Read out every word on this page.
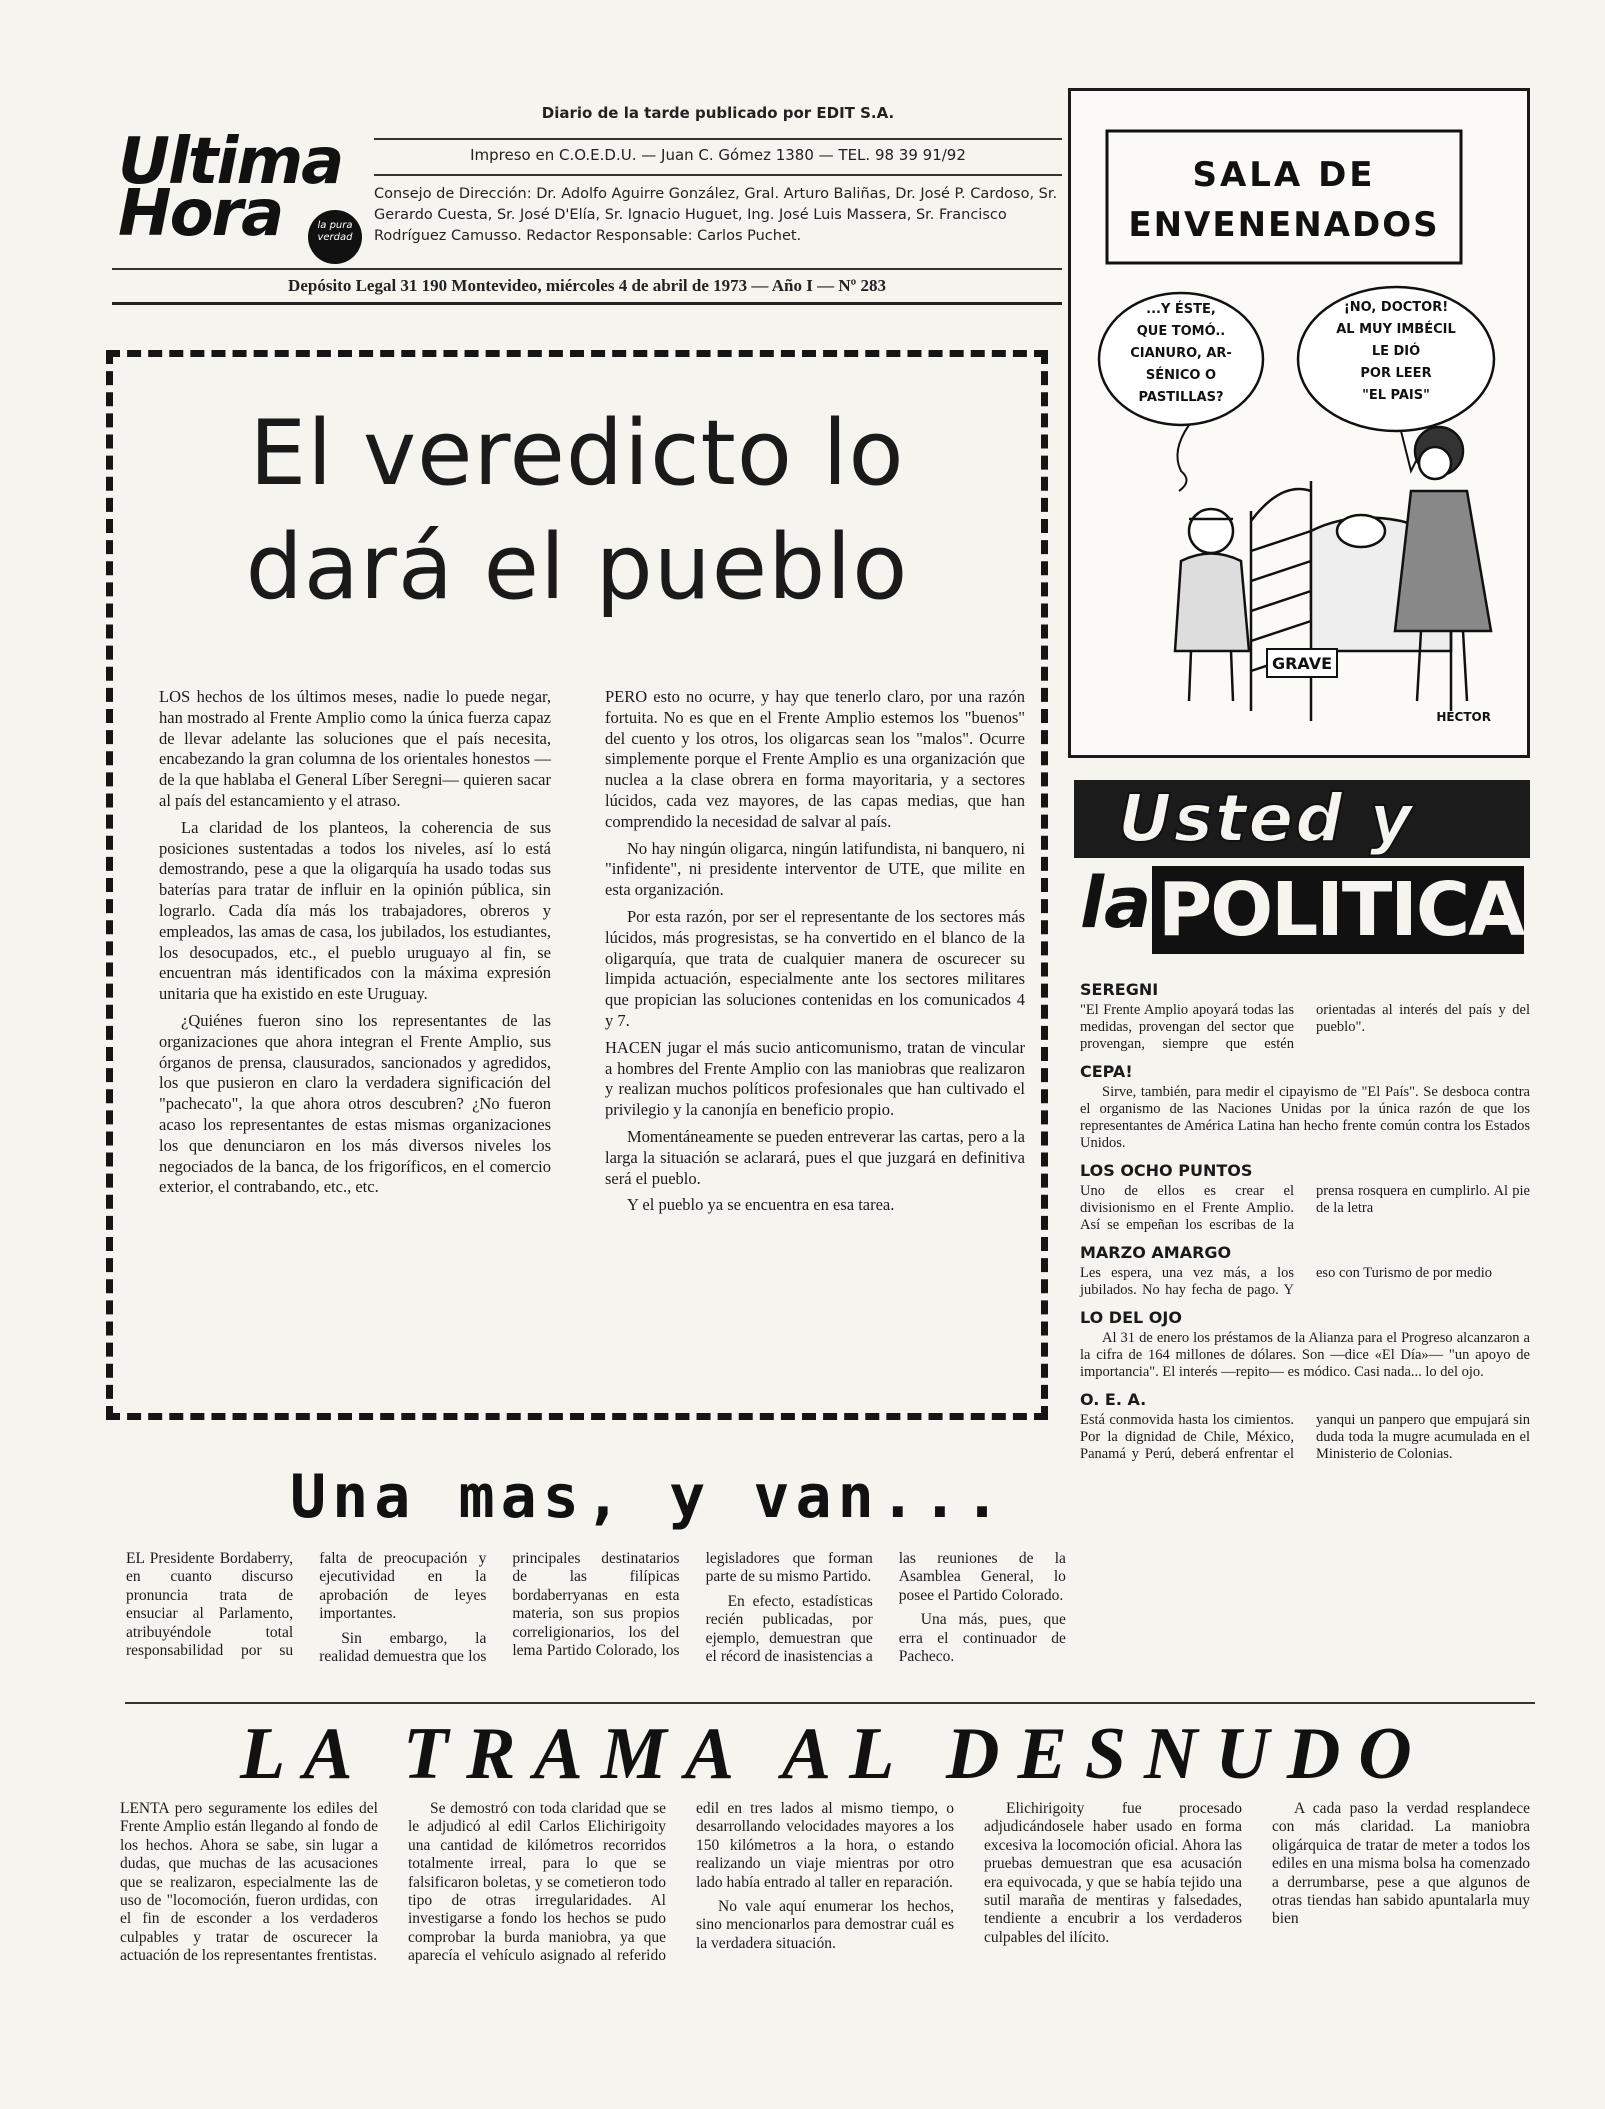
Ultima
Hora	la pura verdad
Diario de la tarde publicado por EDIT S.A.
Impreso en C.O.E.D.U. — Juan C. Gómez 1380 — TEL. 98 39 91/92
Consejo de Dirección: Dr. Adolfo Aguirre González, Gral. Arturo Baliñas, Dr. José P. Cardoso, Sr. Gerardo Cuesta, Sr. José D'Elía, Sr. Ignacio Huguet, Ing. José Luis Massera, Sr. Francisco Rodríguez Camusso. Redactor Responsable: Carlos Puchet.
Depósito Legal 31 190 Montevideo, miércoles 4 de abril de 1973 — Año I — Nº 283
El veredicto lo
dará el pueblo

LOS hechos de los últimos meses, nadie lo puede negar, han mostrado al Frente Amplio como la única fuerza capaz de llevar adelante las soluciones que el país necesita, encabezando la gran columna de los orientales honestos —de la que hablaba el General Líber Seregni— quieren sacar al país del estancamiento y el atraso.

La claridad de los planteos, la coherencia de sus posiciones sustentadas a todos los niveles, así lo está demostrando, pese a que la oligarquía ha usado todas sus baterías para tratar de influir en la opinión pública, sin lograrlo. Cada día más los trabajadores, obreros y empleados, las amas de casa, los jubilados, los estudiantes, los desocupados, etc., el pueblo uruguayo al fin, se encuentran más identificados con la máxima expresión unitaria que ha existido en este Uruguay.

¿Quiénes fueron sino los representantes de las organizaciones que ahora integran el Frente Amplio, sus órganos de prensa, clausurados, sancionados y agredidos, los que pusieron en claro la verdadera significación del "pachecato", la que ahora otros descubren? ¿No fueron acaso los representantes de estas mismas organizaciones los que denunciaron en los más diversos niveles los negociados de la banca, de los frigoríficos, en el comercio exterior, el contrabando, etc., etc.

PERO esto no ocurre, y hay que tenerlo claro, por una razón fortuita. No es que en el Frente Amplio estemos los "buenos" del cuento y los otros, los oligarcas sean los "malos". Ocurre simplemente porque el Frente Amplio es una organización que nuclea a la clase obrera en forma mayoritaria, y a sectores lúcidos, cada vez mayores, de las capas medias, que han comprendido la necesidad de salvar al país.

No hay ningún oligarca, ningún latifundista, ni banquero, ni "infidente", ni presidente interventor de UTE, que milite en esta organización.

Por esta razón, por ser el representante de los sectores más lúcidos, más progresistas, se ha convertido en el blanco de la oligarquía, que trata de cualquier manera de oscurecer su limpida actuación, especialmente ante los sectores militares que propician las soluciones contenidas en los comunicados 4 y 7.

HACEN jugar el más sucio anticomunismo, tratan de vincular a hombres del Frente Amplio con las maniobras que realizaron y realizan muchos políticos profesionales que han cultivado el privilegio y la canonjía en beneficio propio.

Momentáneamente se pueden entreverar las cartas, pero a la larga la situación se aclarará, pues el que juzgará en definitiva será el pueblo.

Y el pueblo ya se encuentra en esa tarea.

SALA DE
ENVENENADOS
...Y ÉSTE,
QUE TOMÓ..
CIANURO, AR-
SÉNICO O
PASTILLAS?
¡NO, DOCTOR!
AL MUY IMBÉCIL
LE DIÓ
POR LEER
"EL PAIS"
GRAVE
HECTOR
Usted y
la POLITICA
SEREGNI
"El Frente Amplio apoyará todas las medidas, provengan del sector que provengan, siempre que estén orientadas al interés del país y del pueblo".
CEPA!
Sirve, también, para medir el cipayismo de "El País". Se desboca contra el organismo de las Naciones Unidas por la única razón de que los representantes de América Latina han hecho frente común contra los Estados Unidos.
LOS OCHO PUNTOS
Uno de ellos es crear el divisionismo en el Frente Amplio. Así se empeñan los escribas de la prensa rosquera en cumplirlo. Al pie de la letra
MARZO AMARGO
Les espera, una vez más, a los jubilados. No hay fecha de pago. Y eso con Turismo de por medio
LO DEL OJO
Al 31 de enero los préstamos de la Alianza para el Progreso alcanzaron a la cifra de 164 millones de dólares. Son —dice «El Día»— "un apoyo de importancia". El interés —repito— es módico. Casi nada... lo del ojo.
O. E. A.
Está conmovida hasta los cimientos. Por la dignidad de Chile, México, Panamá y Perú, deberá enfrentar el yanqui un panpero que empujará sin duda toda la mugre acumulada en el Ministerio de Colonias.
Una mas, y van...

EL Presidente Bordaberry, en cuanto discurso pronuncia trata de ensuciar al Parlamento, atribuyéndole total responsabilidad por su falta de preocupación y ejecutividad en la aprobación de leyes importantes.

Sin embargo, la realidad demuestra que los principales destinatarios de las filípicas bordaberryanas en esta materia, son sus propios correligionarios, los del lema Partido Colorado, los legisladores que forman parte de su mismo Partido.

En efecto, estadísticas recién publicadas, por ejemplo, demuestran que el récord de inasistencias a las reuniones de la Asamblea General, lo posee el Partido Colorado.

Una más, pues, que erra el continuador de Pacheco.

LA TRAMA AL DESNUDO

LENTA pero seguramente los ediles del Frente Amplio están llegando al fondo de los hechos. Ahora se sabe, sin lugar a dudas, que muchas de las acusaciones que se realizaron, especialmente las de uso de "locomoción, fueron urdidas, con el fin de esconder a los verdaderos culpables y tratar de oscurecer la actuación de los representantes frentistas.

Se demostró con toda claridad que se le adjudicó al edil Carlos Elichirigoity una cantidad de kilómetros recorridos totalmente irreal, para lo que se falsificaron boletas, y se cometieron todo tipo de otras irregularidades. Al investigarse a fondo los hechos se pudo comprobar la burda maniobra, ya que aparecía el vehículo asignado al referido edil en tres lados al mismo tiempo, o desarrollando velocidades mayores a los 150 kilómetros a la hora, o estando realizando un viaje mientras por otro lado había entrado al taller en reparación.

No vale aquí enumerar los hechos, sino mencionarlos para demostrar cuál es la verdadera situación.

Elichirigoity fue procesado adjudicándosele haber usado en forma excesiva la locomoción oficial. Ahora las pruebas demuestran que esa acusación era equivocada, y que se había tejido una sutil maraña de mentiras y falsedades, tendiente a encubrir a los verdaderos culpables del ilícito.

A cada paso la verdad resplandece con más claridad. La maniobra oligárquica de tratar de meter a todos los ediles en una misma bolsa ha comenzado a derrumbarse, pese a que algunos de otras tiendas han sabido apuntalarla muy bien
